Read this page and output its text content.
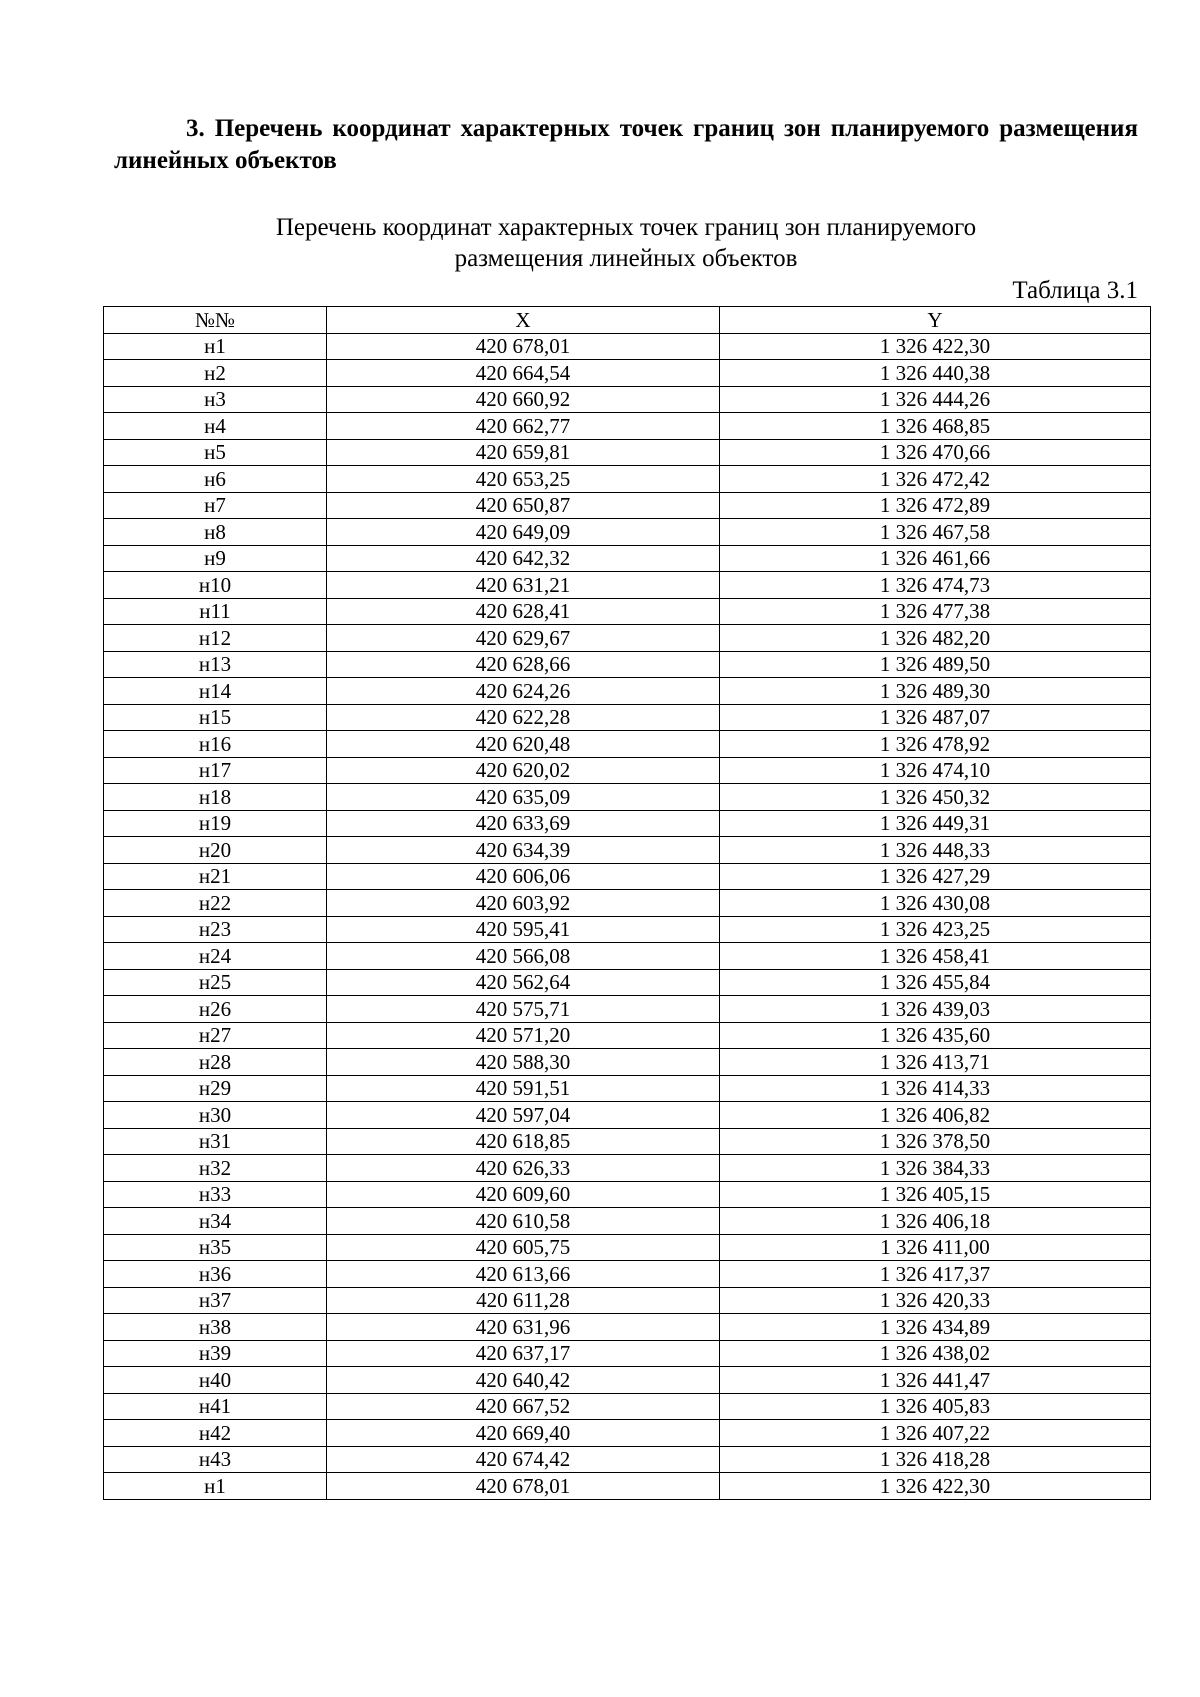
3. Перечень координат характерных точек границ зон планируемого размещения линейных объектов
Перечень координат характерных точек границ зон планируемого
размещения линейных объектов
Таблица 3.1
№№	X	Y
н1	420 678,01	1 326 422,30
н2	420 664,54	1 326 440,38
н3	420 660,92	1 326 444,26
н4	420 662,77	1 326 468,85
н5	420 659,81	1 326 470,66
н6	420 653,25	1 326 472,42
н7	420 650,87	1 326 472,89
н8	420 649,09	1 326 467,58
н9	420 642,32	1 326 461,66
н10	420 631,21	1 326 474,73
н11	420 628,41	1 326 477,38
н12	420 629,67	1 326 482,20
н13	420 628,66	1 326 489,50
н14	420 624,26	1 326 489,30
н15	420 622,28	1 326 487,07
н16	420 620,48	1 326 478,92
н17	420 620,02	1 326 474,10
н18	420 635,09	1 326 450,32
н19	420 633,69	1 326 449,31
н20	420 634,39	1 326 448,33
н21	420 606,06	1 326 427,29
н22	420 603,92	1 326 430,08
н23	420 595,41	1 326 423,25
н24	420 566,08	1 326 458,41
н25	420 562,64	1 326 455,84
н26	420 575,71	1 326 439,03
н27	420 571,20	1 326 435,60
н28	420 588,30	1 326 413,71
н29	420 591,51	1 326 414,33
н30	420 597,04	1 326 406,82
н31	420 618,85	1 326 378,50
н32	420 626,33	1 326 384,33
н33	420 609,60	1 326 405,15
н34	420 610,58	1 326 406,18
н35	420 605,75	1 326 411,00
н36	420 613,66	1 326 417,37
н37	420 611,28	1 326 420,33
н38	420 631,96	1 326 434,89
н39	420 637,17	1 326 438,02
н40	420 640,42	1 326 441,47
н41	420 667,52	1 326 405,83
н42	420 669,40	1 326 407,22
н43	420 674,42	1 326 418,28
н1	420 678,01	1 326 422,30
